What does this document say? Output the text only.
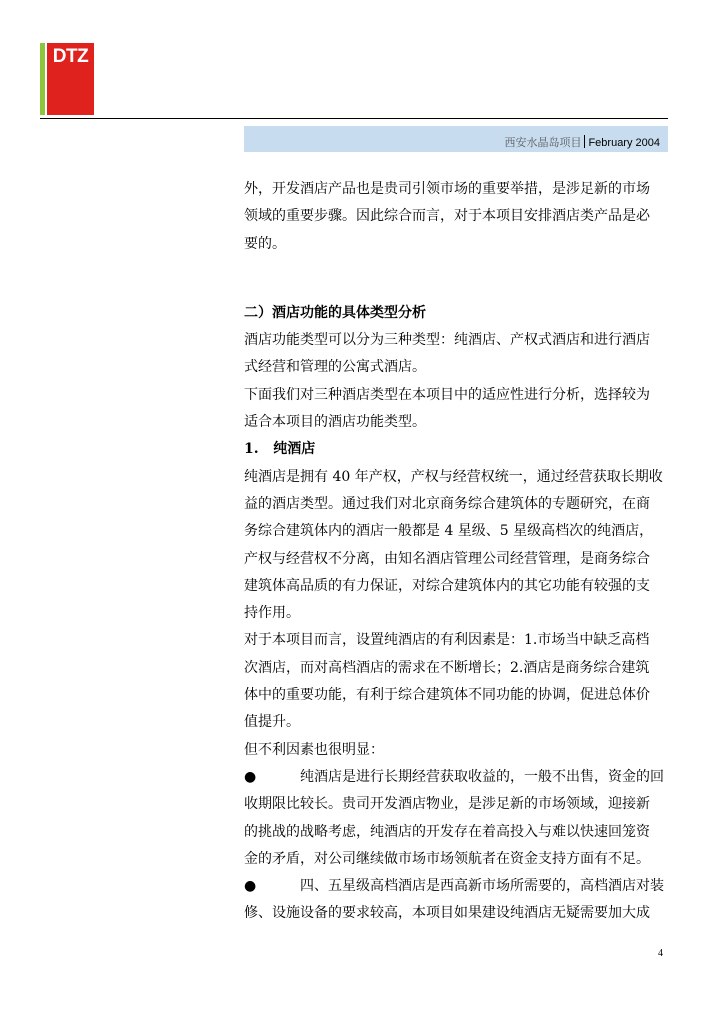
DTZ
西安水晶岛项目 February 2004

外，开发酒店产品也是贵司引领市场的重要举措，是涉足新的市场
领域的重要步骤。因此综合而言，对于本项目安排酒店类产品是必
要的。

二）酒店功能的具体类型分析

酒店功能类型可以分为三种类型：纯酒店、产权式酒店和进行酒店
式经营和管理的公寓式酒店。

下面我们对三种酒店类型在本项目中的适应性进行分析，选择较为
适合本项目的酒店功能类型。

1.   纯酒店

纯酒店是拥有 40 年产权，产权与经营权统一，通过经营获取长期收
益的酒店类型。通过我们对北京商务综合建筑体的专题研究，在商
务综合建筑体内的酒店一般都是 4 星级、5 星级高档次的纯酒店，
产权与经营权不分离，由知名酒店管理公司经营管理，是商务综合
建筑体高品质的有力保证，对综合建筑体内的其它功能有较强的支
持作用。

对于本项目而言，设置纯酒店的有利因素是：1.市场当中缺乏高档
次酒店，而对高档酒店的需求在不断增长；2.酒店是商务综合建筑
体中的重要功能，有利于综合建筑体不同功能的协调，促进总体价
值提升。

但不利因素也很明显：

●	纯酒店是进行长期经营获取收益的，一般不出售，资金的回
收期限比较长。贵司开发酒店物业，是涉足新的市场领域，迎接新
的挑战的战略考虑，纯酒店的开发存在着高投入与难以快速回笼资
金的矛盾，对公司继续做市场市场领航者在资金支持方面有不足。

●	四、五星级高档酒店是西高新市场所需要的，高档酒店对装
修、设施设备的要求较高，本项目如果建设纯酒店无疑需要加大成

4
